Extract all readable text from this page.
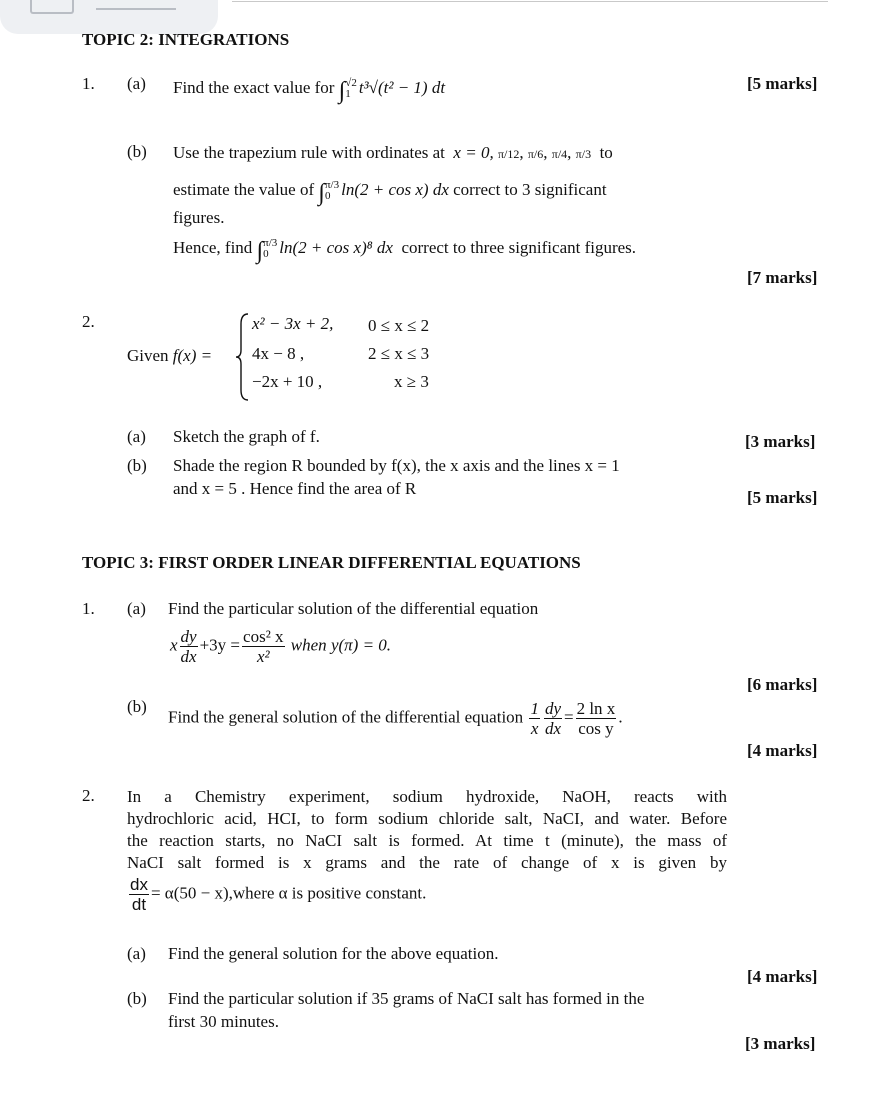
TOPIC 2: INTEGRATIONS
1. (a) Find the exact value for ∫ √2
1 t³√(t² − 1) dt	[5 marks]
(b) Use the trapezium rule with ordinates at x = 0, π/12, π/6, π/4, π/3 to
estimate the value of ∫ π/3
0 ln(2 + cos x) dx correct to 3 significant
figures.
Hence, find ∫ π/3
0 ln(2 + cos x)⁸ dx correct to three significant figures.
[7 marks]
2.
Given f(x) =
x² − 3x + 2, 0 ≤ x ≤ 2
4x − 8 ,	2 ≤ x ≤ 3
−2x + 10 ,	x ≥ 3
(a) Sketch the graph of f.	[3 marks]
(b) Shade the region R bounded by f(x), the x axis and the lines x = 1
and x = 5 . Hence find the area of R	[5 marks]
TOPIC 3: FIRST ORDER LINEAR DIFFERENTIAL EQUATIONS
1. (a) Find the particular solution of the differential equation
x $\frac{dy}{dx} +3y = \frac{\text{cos² x}}{\text{x²}}$ when y(π) = 0.
[6 marks]
(b)
Find the general solution of the differential equation $\frac{1}{x} \frac{dy}{dx} = \frac{\text{2 ln x}}{\text{cos y}}$ .
[4 marks]
2. In a Chemistry experiment, sodium hydroxide, NaOH, reacts with
hydrochloric acid, HCI, to form sodium chloride salt, NaCI, and water. Before
the reaction starts, no NaCI salt is formed. At time t (minute), the mass of
NaCI salt formed is x grams and the rate of change of x is given by
$\frac{dx}{dt} = \alpha(50$ − x),where α is positive constant.
(a) Find the general solution for the above equation.
[4 marks]
(b) Find the particular solution if 35 grams of NaCI salt has formed in the
first 30 minutes.
[3 marks]
